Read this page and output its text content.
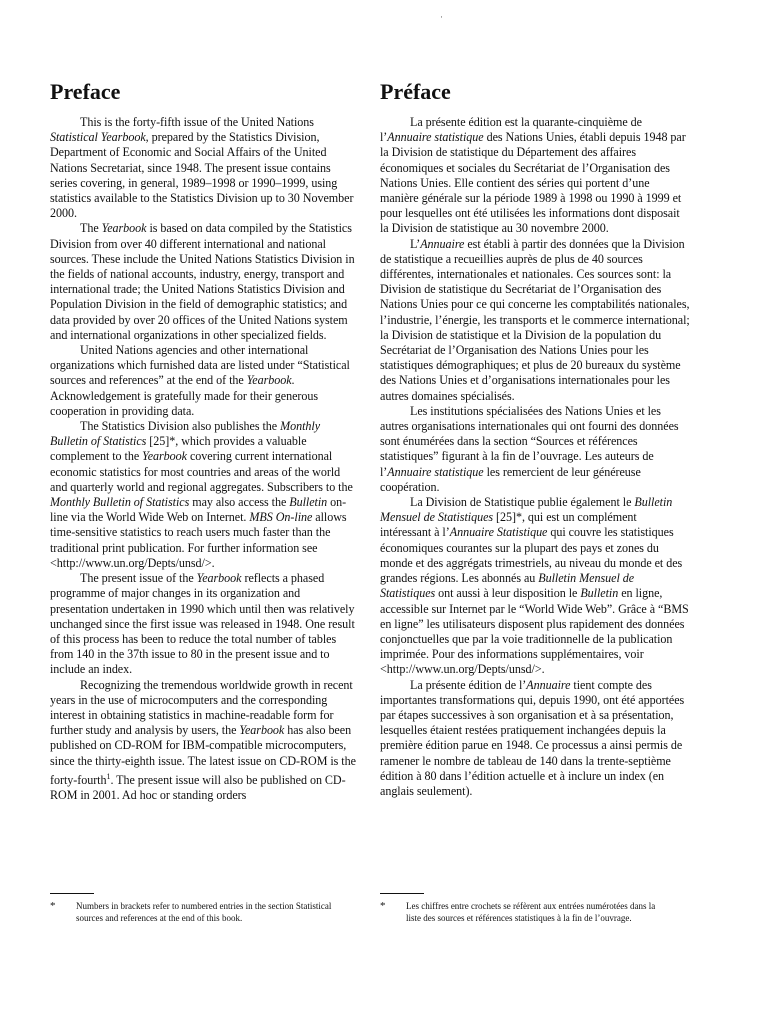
·
Preface

This is the forty-fifth issue of the United Nations Statistical Yearbook, prepared by the Statistics Division, Department of Economic and Social Affairs of the United Nations Secretariat, since 1948. The present issue contains series covering, in general, 1989–1998 or 1990–1999, using statistics available to the Statistics Division up to 30 November 2000.

The Yearbook is based on data compiled by the Statistics Division from over 40 different international and national sources. These include the United Nations Statistics Division in the fields of national accounts, industry, energy, transport and international trade; the United Nations Statistics Division and Population Division in the field of demographic statistics; and data provided by over 20 offices of the United Nations system and international organizations in other specialized fields.

United Nations agencies and other international organizations which furnished data are listed under “Statistical sources and references” at the end of the Yearbook. Acknowledgement is gratefully made for their generous cooperation in providing data.

The Statistics Division also publishes the Monthly Bulletin of Statistics [25]*, which provides a valuable complement to the Yearbook covering current international economic statistics for most countries and areas of the world and quarterly world and regional aggregates. Subscribers to the Monthly Bulletin of Statistics may also access the Bulletin on-line via the World Wide Web on Internet. MBS On-line allows time-sensitive statistics to reach users much faster than the traditional print publication. For further information see <http://www.un.org/Depts/unsd/>.

The present issue of the Yearbook reflects a phased programme of major changes in its organization and presentation undertaken in 1990 which until then was relatively unchanged since the first issue was released in 1948. One result of this process has been to reduce the total number of tables from 140 in the 37th issue to 80 in the present issue and to include an index.

Recognizing the tremendous worldwide growth in recent years in the use of microcomputers and the corresponding interest in obtaining statistics in machine-readable form for further study and analysis by users, the Yearbook has also been published on CD-ROM for IBM-compatible microcomputers, since the thirty-eighth issue. The latest issue on CD-ROM is the forty-fourth$^1$. The present issue will also be published on CD-ROM in 2001. Ad hoc or standing orders

Préface

La présente édition est la quarante-cinquième de l’Annuaire statistique des Nations Unies, établi depuis 1948 par la Division de statistique du Département des affaires économiques et sociales du Secrétariat de l’Organisation des Nations Unies. Elle contient des séries qui portent d’une manière générale sur la période 1989 à 1998 ou 1990 à 1999 et pour lesquelles ont été utilisées les informations dont disposait la Division de statistique au 30 novembre 2000.

L’Annuaire est établi à partir des données que la Division de statistique a recueillies auprès de plus de 40 sources différentes, internationales et nationales. Ces sources sont: la Division de statistique du Secrétariat de l’Organisation des Nations Unies pour ce qui concerne les comptabilités nationales, l’industrie, l’énergie, les transports et le commerce international; la Division de statistique et la Division de la population du Secrétariat de l’Organisation des Nations Unies pour les statistiques démographiques; et plus de 20 bureaux du système des Nations Unies et d’organisations internationales pour les autres domaines spécialisés.

Les institutions spécialisées des Nations Unies et les autres organisations internationales qui ont fourni des données sont énumérées dans la section “Sources et références statistiques” figurant à la fin de l’ouvrage. Les auteurs de l’Annuaire statistique les remercient de leur généreuse coopération.

La Division de Statistique publie également le Bulletin Mensuel de Statistiques [25]*, qui est un complément intéressant à l’Annuaire Statistique qui couvre les statistiques économiques courantes sur la plupart des pays et zones du monde et des aggrégats trimestriels, au niveau du monde et des grandes régions. Les abonnés au Bulletin Mensuel de Statistiques ont aussi à leur disposition le Bulletin en ligne, accessible sur Internet par le “World Wide Web”. Grâce à “BMS en ligne” les utilisateurs disposent plus rapidement des données conjonctuelles que par la voie traditionnelle de la publication imprimée. Pour des informations supplémentaires, voir <http://www.un.org/Depts/unsd/>.

La présente édition de l’Annuaire tient compte des importantes transformations qui, depuis 1990, ont été apportées par étapes successives à son organisation et à sa présentation, lesquelles étaient restées pratiquement inchangées depuis la première édition parue en 1948. Ce processus a ainsi permis de ramener le nombre de tableau de 140 dans la trente-septième édition à 80 dans l’édition actuelle et à inclure un index (en anglais seulement).

*	Numbers in brackets refer to numbered entries in the section Statistical sources and references at the end of this book.
*	Les chiffres entre crochets se réfèrent aux entrées numérotées dans la liste des sources et références statistiques à la fin de l’ouvrage.
